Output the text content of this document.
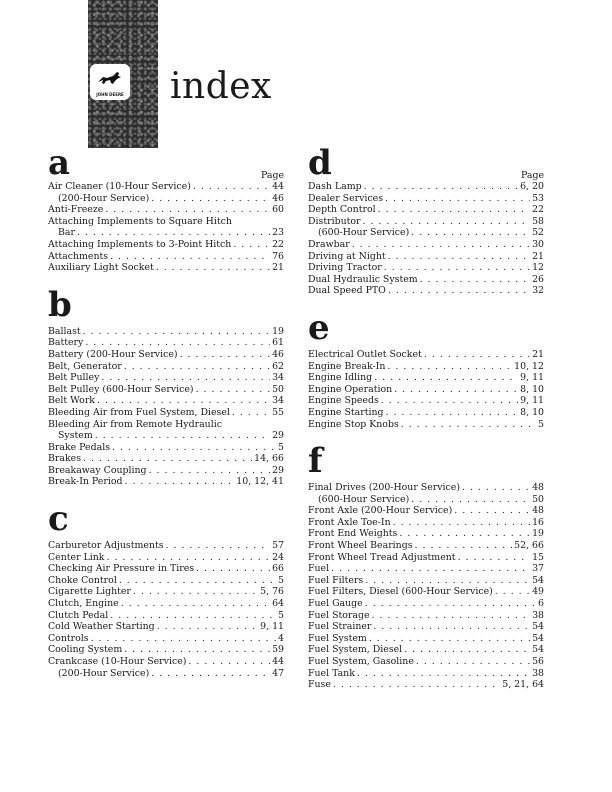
JOHN DEERE index
a	Page
Air Cleaner (10-Hour Service) . . .	44
(200-Hour Service) . . .	46
Anti-Freeze . . .	60
Attaching Implements to Square Hitch
Bar . . .	23
Attaching Implements to 3-Point Hitch . . .	22
Attachments . . .	76
Auxiliary Light Socket . . .	21
b
Ballast . . .	19
Battery . . .	61
Battery (200-Hour Service) . . .	46
Belt, Generator . . .	62
Belt Pulley . . .	34
Belt Pulley (600-Hour Service) . . .	50
Belt Work . . .	34
Bleeding Air from Fuel System, Diesel . . .	55
Bleeding Air from Remote Hydraulic
System . . .	29
Brake Pedals . . .	5
Brakes . . .	14, 66
Breakaway Coupling . . .	29
Break-In Period . . .	10, 12, 41
c
Carburetor Adjustments . . .	57
Center Link . . .	24
Checking Air Pressure in Tires . . .	66
Choke Control . . .	5
Cigarette Lighter . . .	5, 76
Clutch, Engine . . .	64
Clutch Pedal . . .	5
Cold Weather Starting . . .	9, 11
Controls . . .	4
Cooling System . . .	59
Crankcase (10-Hour Service) . . .	44
(200-Hour Service) . . .	47
d	Page
Dash Lamp . . .	6, 20
Dealer Services . . .	53
Depth Control . . .	22
Distributor . . .	58
(600-Hour Service) . . .	52
Drawbar . . .	30
Driving at Night . . .	21
Driving Tractor . . .	12
Dual Hydraulic System . . .	26
Dual Speed PTO . . .	32
e
Electrical Outlet Socket . . .	21
Engine Break-In . . .	10, 12
Engine Idling . . .	9, 11
Engine Operation . . .	8, 10
Engine Speeds . . .	9, 11
Engine Starting . . .	8, 10
Engine Stop Knobs . . .	5
f
Final Drives (200-Hour Service) . . .	48
(600-Hour Service) . . .	50
Front Axle (200-Hour Service) . . .	48
Front Axle Toe-In . . .	16
Front End Weights . . .	19
Front Wheel Bearings . . .	52, 66
Front Wheel Tread Adjustment . . .	15
Fuel . . .	37
Fuel Filters . . .	54
Fuel Filters, Diesel (600-Hour Service) . . .	49
Fuel Gauge . . .	6
Fuel Storage . . .	38
Fuel Strainer . . .	54
Fuel System . . .	54
Fuel System, Diesel . . .	54
Fuel System, Gasoline . . .	56
Fuel Tank . . .	38
Fuse . . .	5, 21, 64
